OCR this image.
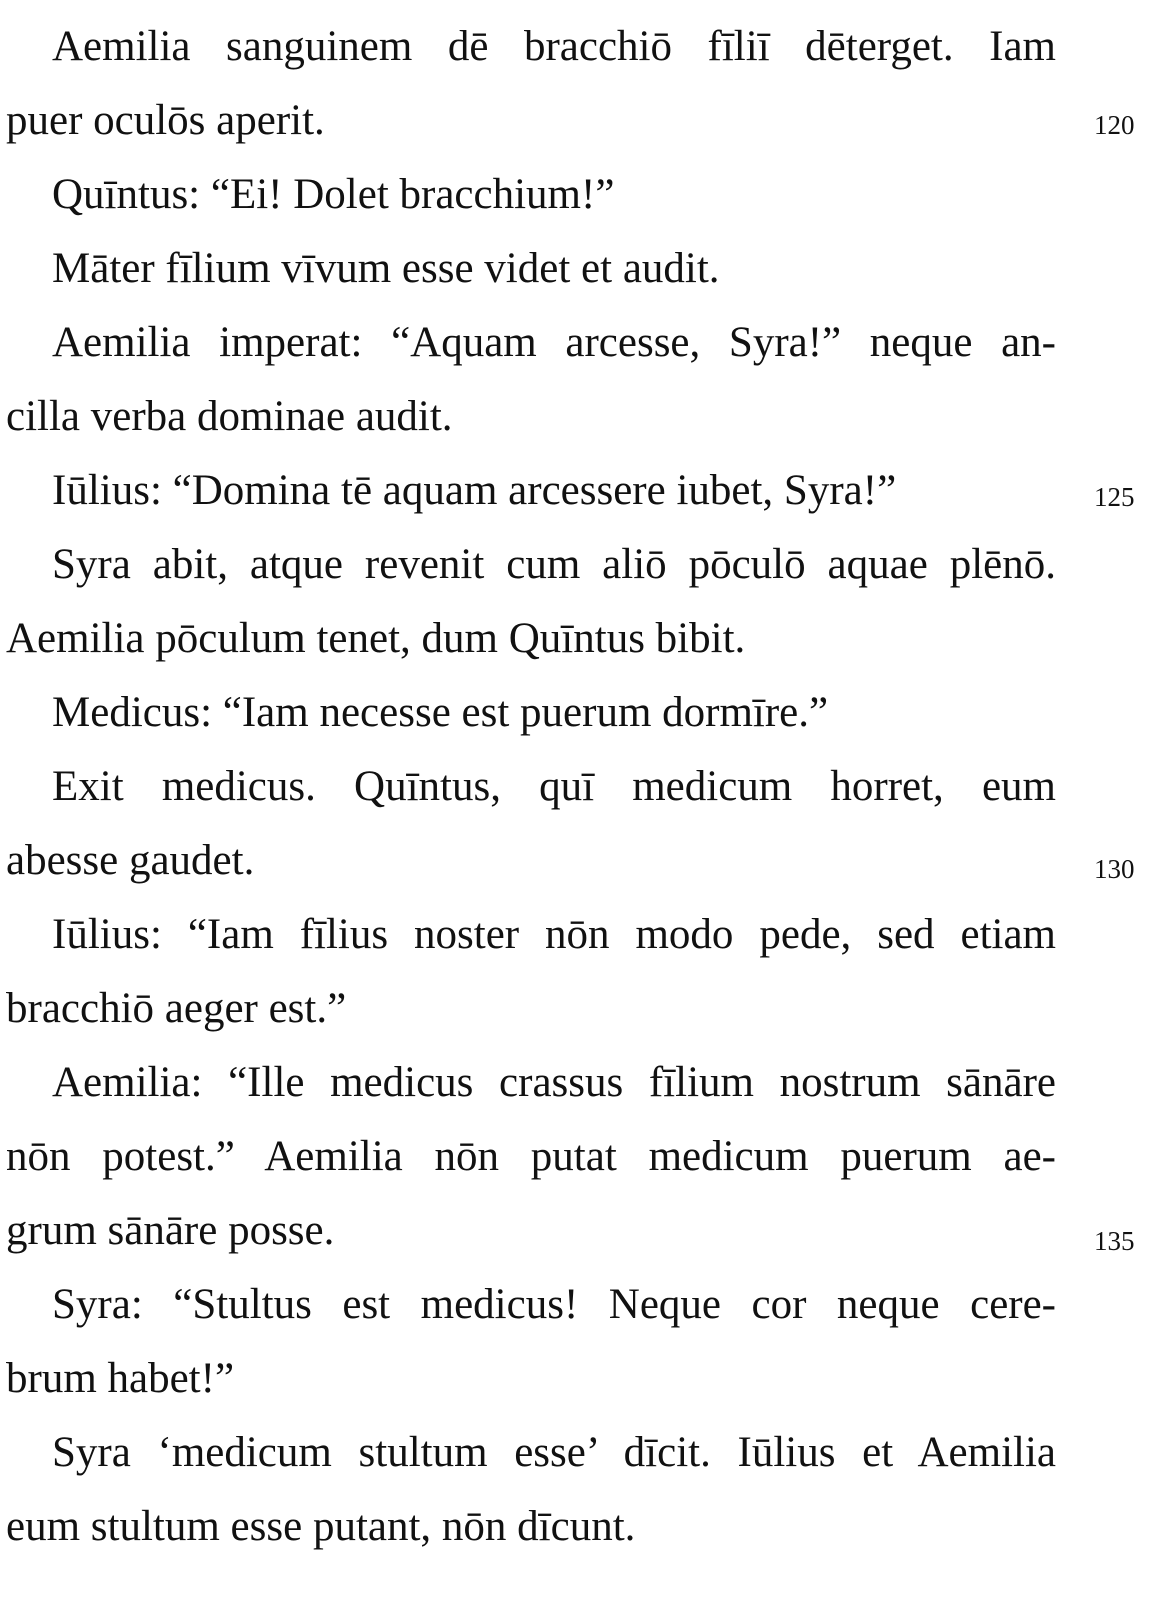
Aemilia sanguinem dē bracchiō fīliī dēterget. Iam
puer oculōs aperit.	120
Quīntus: “Ei! Dolet bracchium!”
Māter fīlium vīvum esse videt et audit.
Aemilia imperat: “Aquam arcesse, Syra!” neque an-
cilla verba dominae audit.
Iūlius: “Domina tē aquam arcessere iubet, Syra!”	125
Syra abit, atque revenit cum aliō pōculō aquae plēnō.
Aemilia pōculum tenet, dum Quīntus bibit.
Medicus: “Iam necesse est puerum dormīre.”
Exit medicus. Quīntus, quī medicum horret, eum
abesse gaudet.	130
Iūlius: “Iam fīlius noster nōn modo pede, sed etiam
bracchiō aeger est.”
Aemilia: “Ille medicus crassus fīlium nostrum sānāre
nōn potest.” Aemilia nōn putat medicum puerum ae-
grum sānāre posse.	135
Syra: “Stultus est medicus! Neque cor neque cere-
brum habet!”
Syra ‘medicum stultum esse’ dīcit. Iūlius et Aemilia
eum stultum esse putant, nōn dīcunt.
